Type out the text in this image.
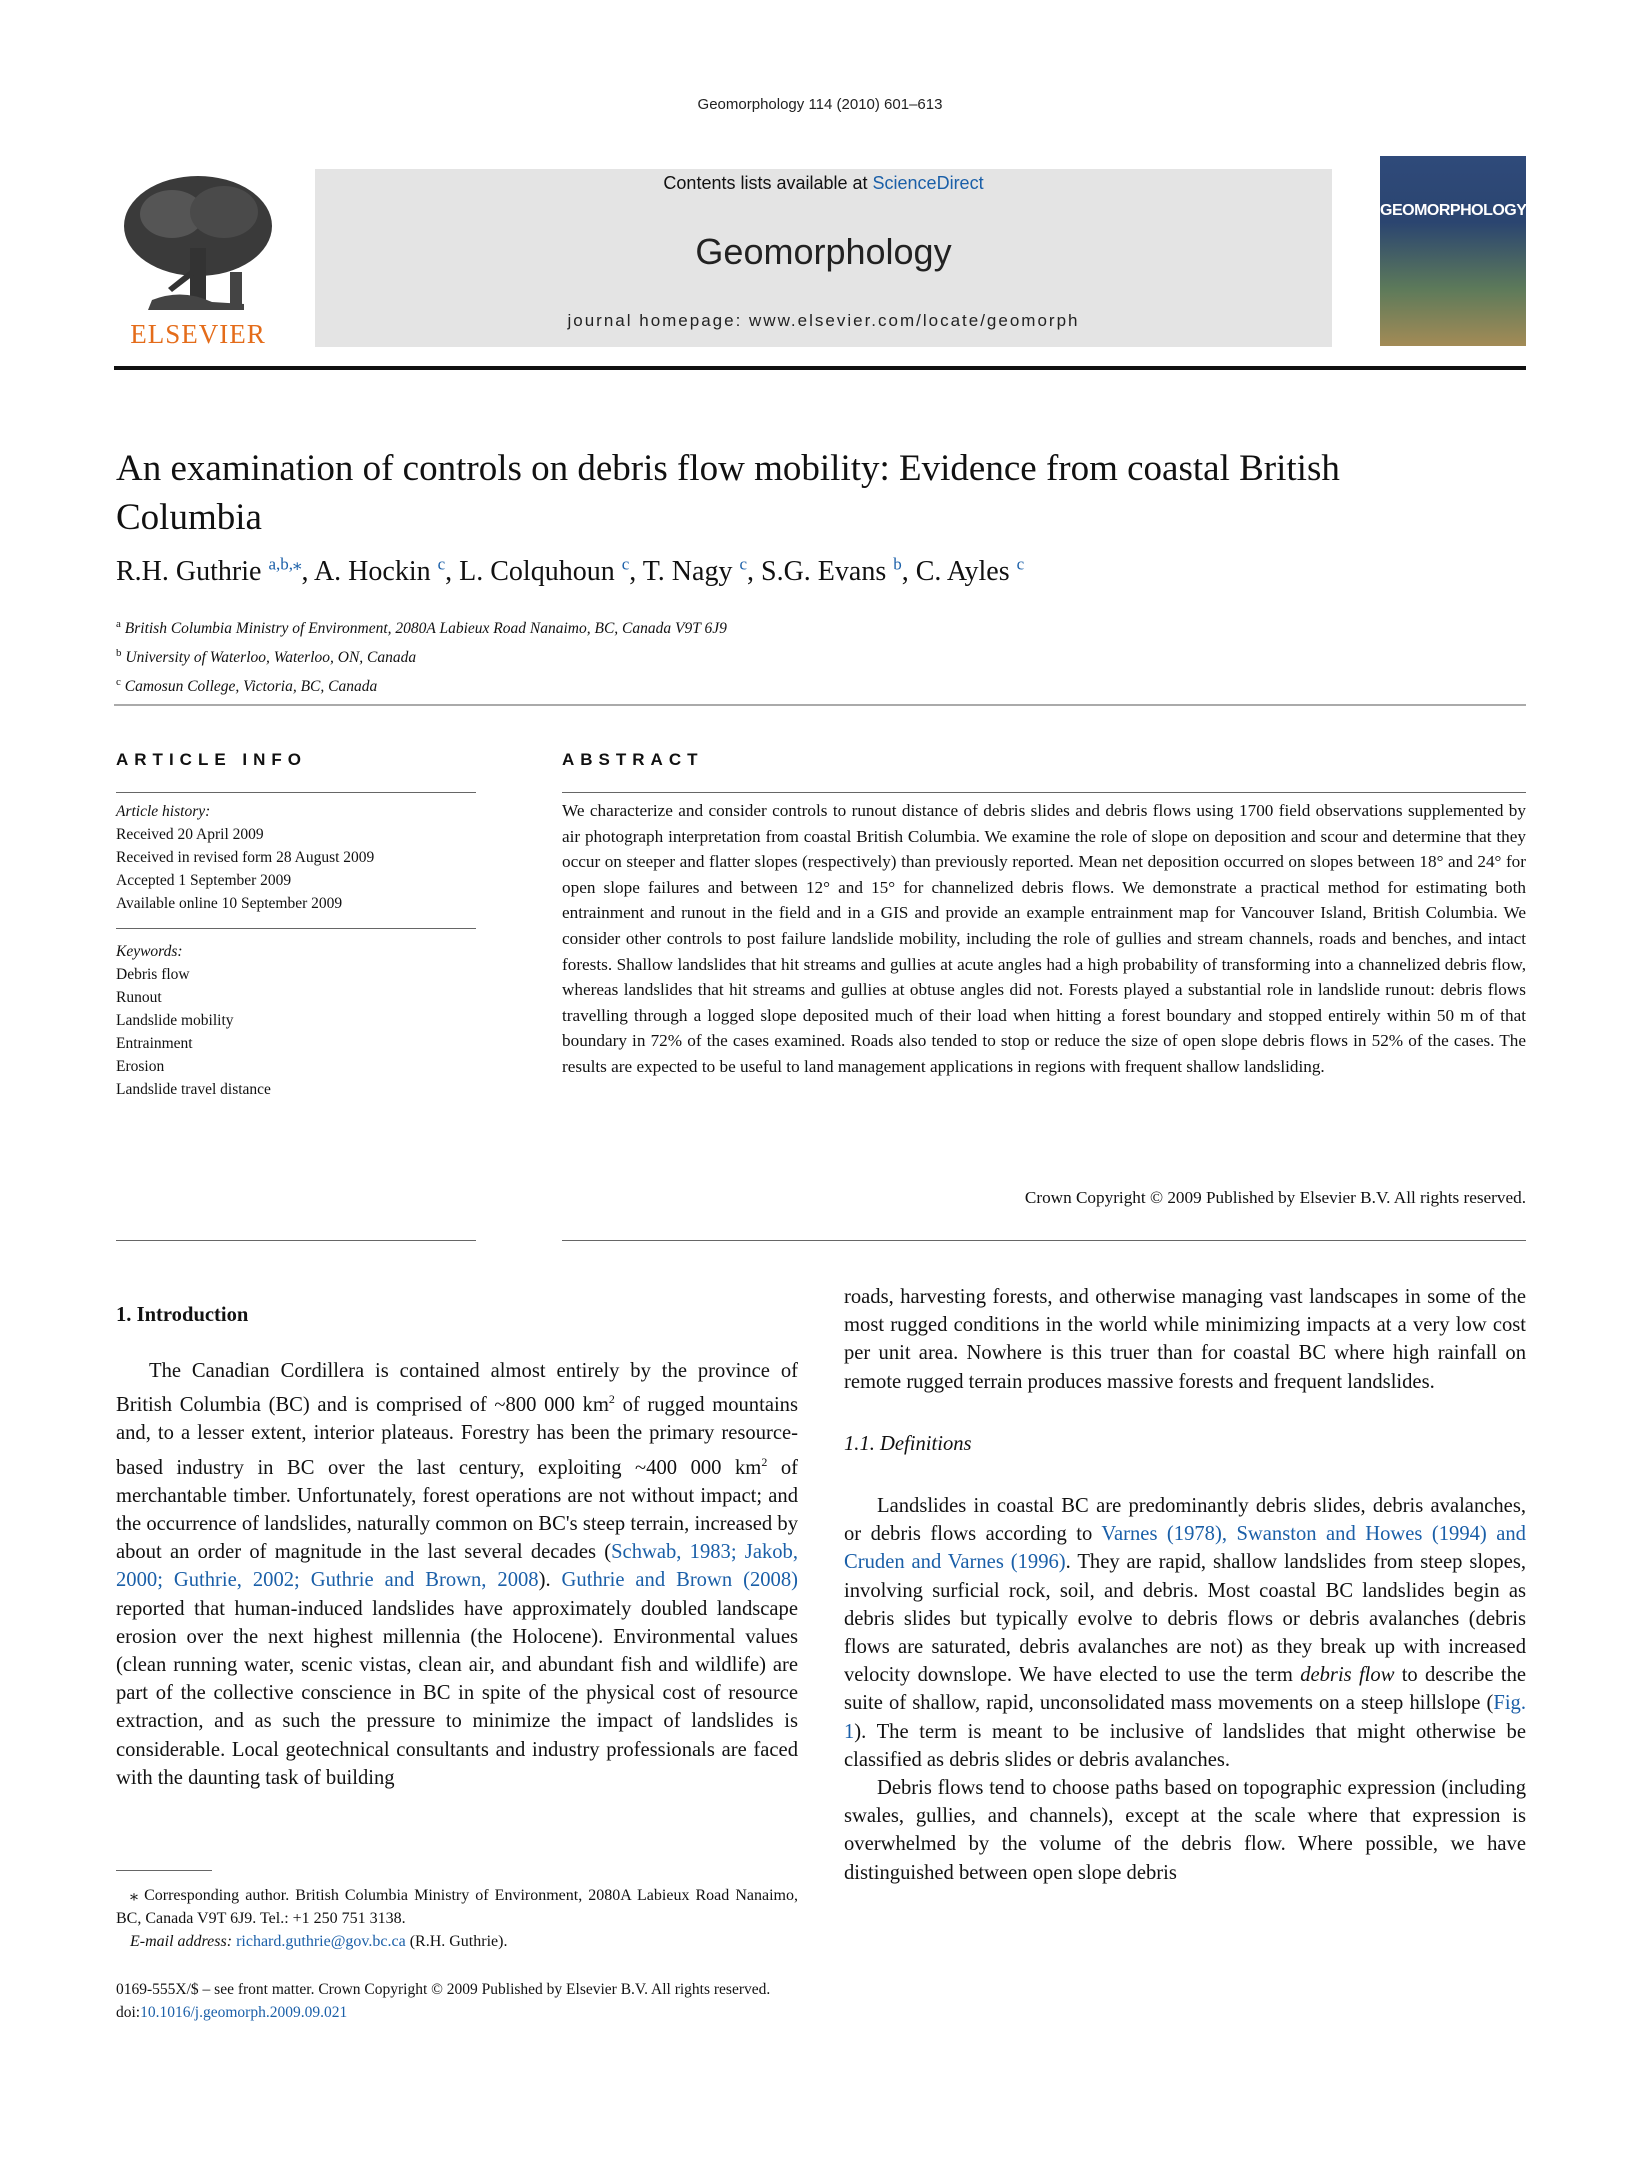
Geomorphology 114 (2010) 601–613
ELSEVIER
Contents lists available at ScienceDirect
Geomorphology
journal homepage: www.elsevier.com/locate/geomorph
GEOMORPHOLOGY
An examination of controls on debris flow mobility: Evidence from coastal British Columbia
R.H. Guthrie $^{a,b,⁎}$, A. Hockin $^c$, L. Colquhoun $^c$, T. Nagy $^c$, S.G. Evans $^b$, C. Ayles $^c$
$^a$ British Columbia Ministry of Environment, 2080A Labieux Road Nanaimo, BC, Canada V9T 6J9
$^b$ University of Waterloo, Waterloo, ON, Canada
$^c$ Camosun College, Victoria, BC, Canada
ARTICLE INFO
Article history:
Received 20 April 2009
Received in revised form 28 August 2009
Accepted 1 September 2009
Available online 10 September 2009
Keywords:
Debris flow
Runout
Landslide mobility
Entrainment
Erosion
Landslide travel distance
ABSTRACT
We characterize and consider controls to runout distance of debris slides and debris flows using 1700 field observations supplemented by air photograph interpretation from coastal British Columbia. We examine the role of slope on deposition and scour and determine that they occur on steeper and flatter slopes (respectively) than previously reported. Mean net deposition occurred on slopes between 18° and 24° for open slope failures and between 12° and 15° for channelized debris flows. We demonstrate a practical method for estimating both entrainment and runout in the field and in a GIS and provide an example entrainment map for Vancouver Island, British Columbia. We consider other controls to post failure landslide mobility, including the role of gullies and stream channels, roads and benches, and intact forests. Shallow landslides that hit streams and gullies at acute angles had a high probability of transforming into a channelized debris flow, whereas landslides that hit streams and gullies at obtuse angles did not. Forests played a substantial role in landslide runout: debris flows travelling through a logged slope deposited much of their load when hitting a forest boundary and stopped entirely within 50 m of that boundary in 72% of the cases examined. Roads also tended to stop or reduce the size of open slope debris flows in 52% of the cases. The results are expected to be useful to land management applications in regions with frequent shallow landsliding.
Crown Copyright © 2009 Published by Elsevier B.V. All rights reserved.

1. Introduction

The Canadian Cordillera is contained almost entirely by the province of British Columbia (BC) and is comprised of ~800 000 $km^2$ of rugged mountains and, to a lesser extent, interior plateaus. Forestry has been the primary resource-based industry in BC over the last century, exploiting ~400 000 $km^2$ of merchantable timber. Unfortunately, forest operations are not without impact; and the occurrence of landslides, naturally common on BC's steep terrain, increased by about an order of magnitude in the last several decades (Schwab, 1983; Jakob, 2000; Guthrie, 2002; Guthrie and Brown, 2008). Guthrie and Brown (2008) reported that human-induced landslides have approximately doubled landscape erosion over the next highest millennia (the Holocene). Environmental values (clean running water, scenic vistas, clean air, and abundant fish and wildlife) are part of the collective conscience in BC in spite of the physical cost of resource extraction, and as such the pressure to minimize the impact of landslides is considerable. Local geotechnical consultants and industry professionals are faced with the daunting task of building

roads, harvesting forests, and otherwise managing vast landscapes in some of the most rugged conditions in the world while minimizing impacts at a very low cost per unit area. Nowhere is this truer than for coastal BC where high rainfall on remote rugged terrain produces massive forests and frequent landslides.

1.1. Definitions

Landslides in coastal BC are predominantly debris slides, debris avalanches, or debris flows according to Varnes (1978), Swanston and Howes (1994) and Cruden and Varnes (1996). They are rapid, shallow landslides from steep slopes, involving surficial rock, soil, and debris. Most coastal BC landslides begin as debris slides but typically evolve to debris flows or debris avalanches (debris flows are saturated, debris avalanches are not) as they break up with increased velocity downslope. We have elected to use the term debris flow to describe the suite of shallow, rapid, unconsolidated mass movements on a steep hillslope (Fig. 1). The term is meant to be inclusive of landslides that might otherwise be classified as debris slides or debris avalanches.

Debris flows tend to choose paths based on topographic expression (including swales, gullies, and channels), except at the scale where that expression is overwhelmed by the volume of the debris flow. Where possible, we have distinguished between open slope debris

⁎ Corresponding author. British Columbia Ministry of Environment, 2080A Labieux Road Nanaimo, BC, Canada V9T 6J9. Tel.: +1 250 751 3138.
E-mail address: richard.guthrie@gov.bc.ca (R.H. Guthrie).
0169-555X/$ – see front matter. Crown Copyright © 2009 Published by Elsevier B.V. All rights reserved.
doi:10.1016/j.geomorph.2009.09.021
